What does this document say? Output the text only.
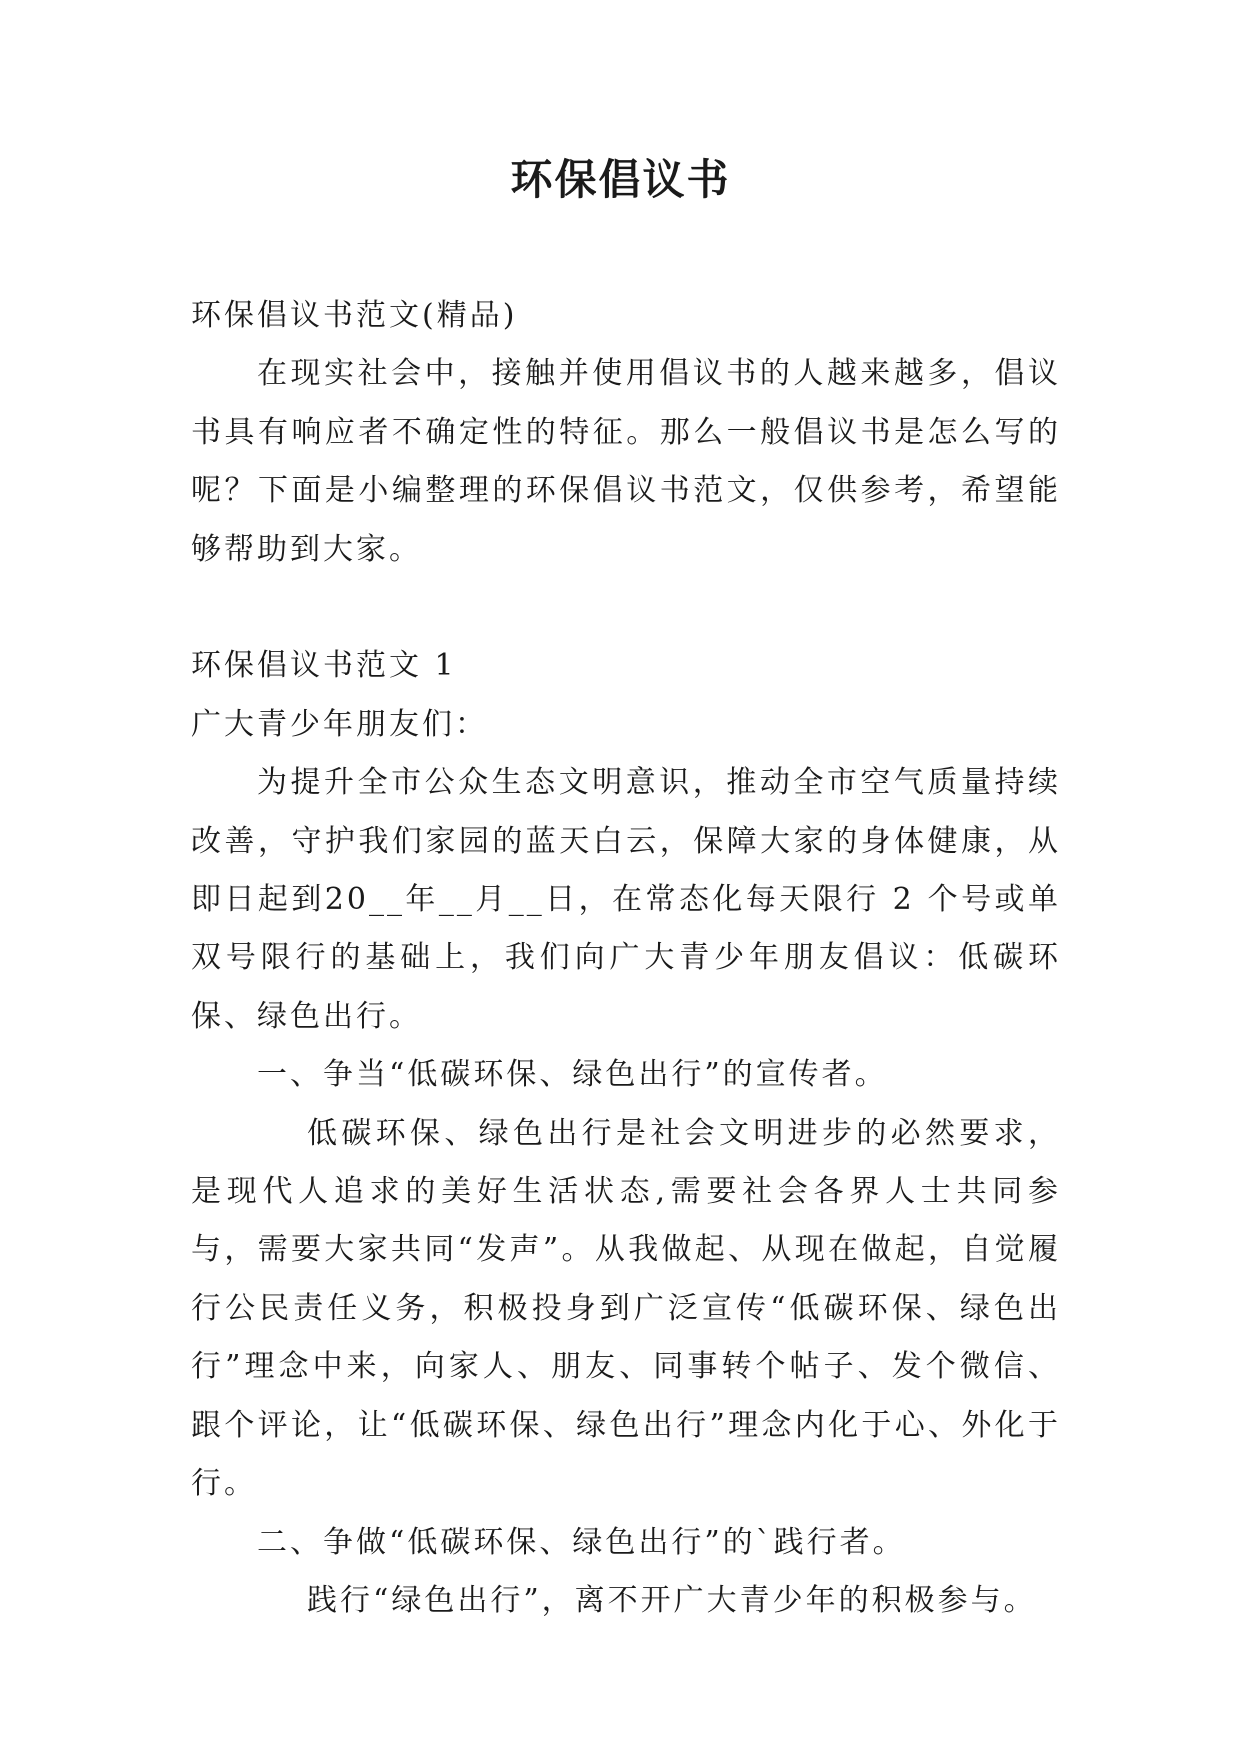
环保倡议书

环保倡议书范文(精品)

在现实社会中，接触并使用倡议书的人越来越多，倡议书具有响应者不确定性的特征。那么一般倡议书是怎么写的呢？下面是小编整理的环保倡议书范文，仅供参考，希望能够帮助到大家。

环保倡议书范文 1

广大青少年朋友们：

为提升全市公众生态文明意识，推动全市空气质量持续改善，守护我们家园的蓝天白云，保障大家的身体健康，从即日起到20__年__月__日，在常态化每天限行 2 个号或单双号限行的基础上，我们向广大青少年朋友倡议：低碳环保、绿色出行。

一、争当“低碳环保、绿色出行”的宣传者。

低碳环保、绿色出行是社会文明进步的必然要求，是现代人追求的美好生活状态,需要社会各界人士共同参与，需要大家共同“发声”。从我做起、从现在做起，自觉履行公民责任义务，积极投身到广泛宣传“低碳环保、绿色出行”理念中来，向家人、朋友、同事转个帖子、发个微信、跟个评论，让“低碳环保、绿色出行”理念内化于心、外化于行。

二、争做“低碳环保、绿色出行”的`践行者。

践行“绿色出行”，离不开广大青少年的积极参与。
